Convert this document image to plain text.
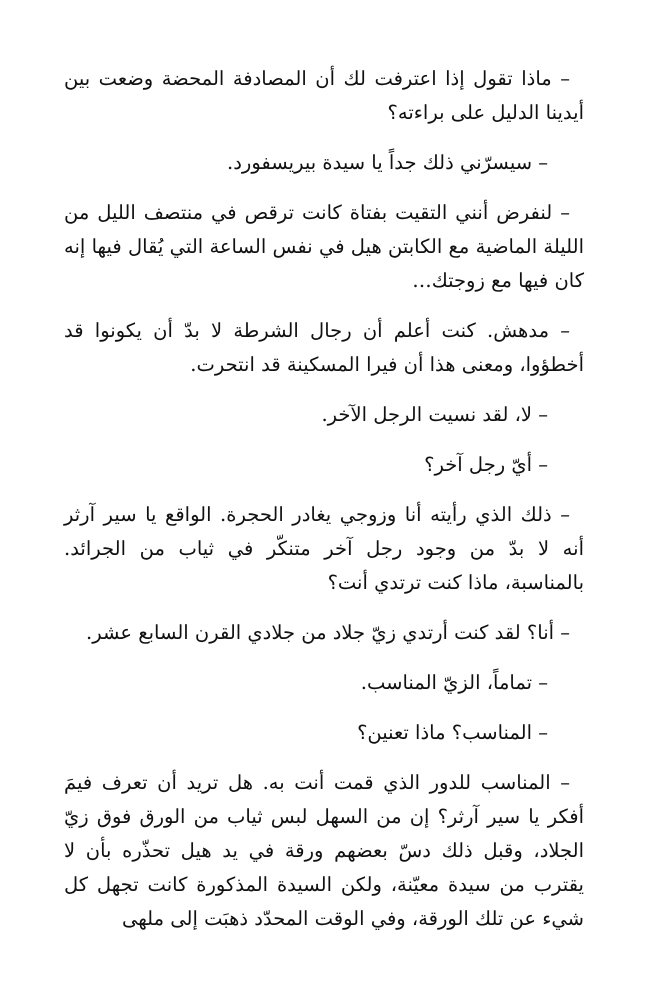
– ماذا تقول إذا اعترفت لك أن المصادفة المحضة وضعت بين أيدينا الدليل على براءته؟

– سيسرّني ذلك جداً يا سيدة بيريسفورد.

– لنفرض أنني التقيت بفتاة كانت ترقص في منتصف الليل من الليلة الماضية مع الكابتن هيل في نفس الساعة التي يُقال فيها إنه كان فيها مع زوجتك…

– مدهش. كنت أعلم أن رجال الشرطة لا بدّ أن يكونوا قد أخطؤوا، ومعنى هذا أن فيرا المسكينة قد انتحرت.

– لا، لقد نسيت الرجل الآخر.

– أيّ رجل آخر؟

– ذلك الذي رأيته أنا وزوجي يغادر الحجرة. الواقع يا سير آرثر أنه لا بدّ من وجود رجل آخر متنكّر في ثياب من الجرائد. بالمناسبة، ماذا كنت ترتدي أنت؟

– أنا؟ لقد كنت أرتدي زيّ جلاد من جلادي القرن السابع عشر.

– تماماً، الزيّ المناسب.

– المناسب؟ ماذا تعنين؟

– المناسب للدور الذي قمت أنت به. هل تريد أن تعرف فيمَ أفكر يا سير آرثر؟ إن من السهل لبس ثياب من الورق فوق زيّ الجلاد، وقبل ذلك دسّ بعضهم ورقة في يد هيل تحذّره بأن لا يقترب من سيدة معيّنة، ولكن السيدة المذكورة كانت تجهل كل شيء عن تلك الورقة، وفي الوقت المحدّد ذهبَت إلى ملهى
